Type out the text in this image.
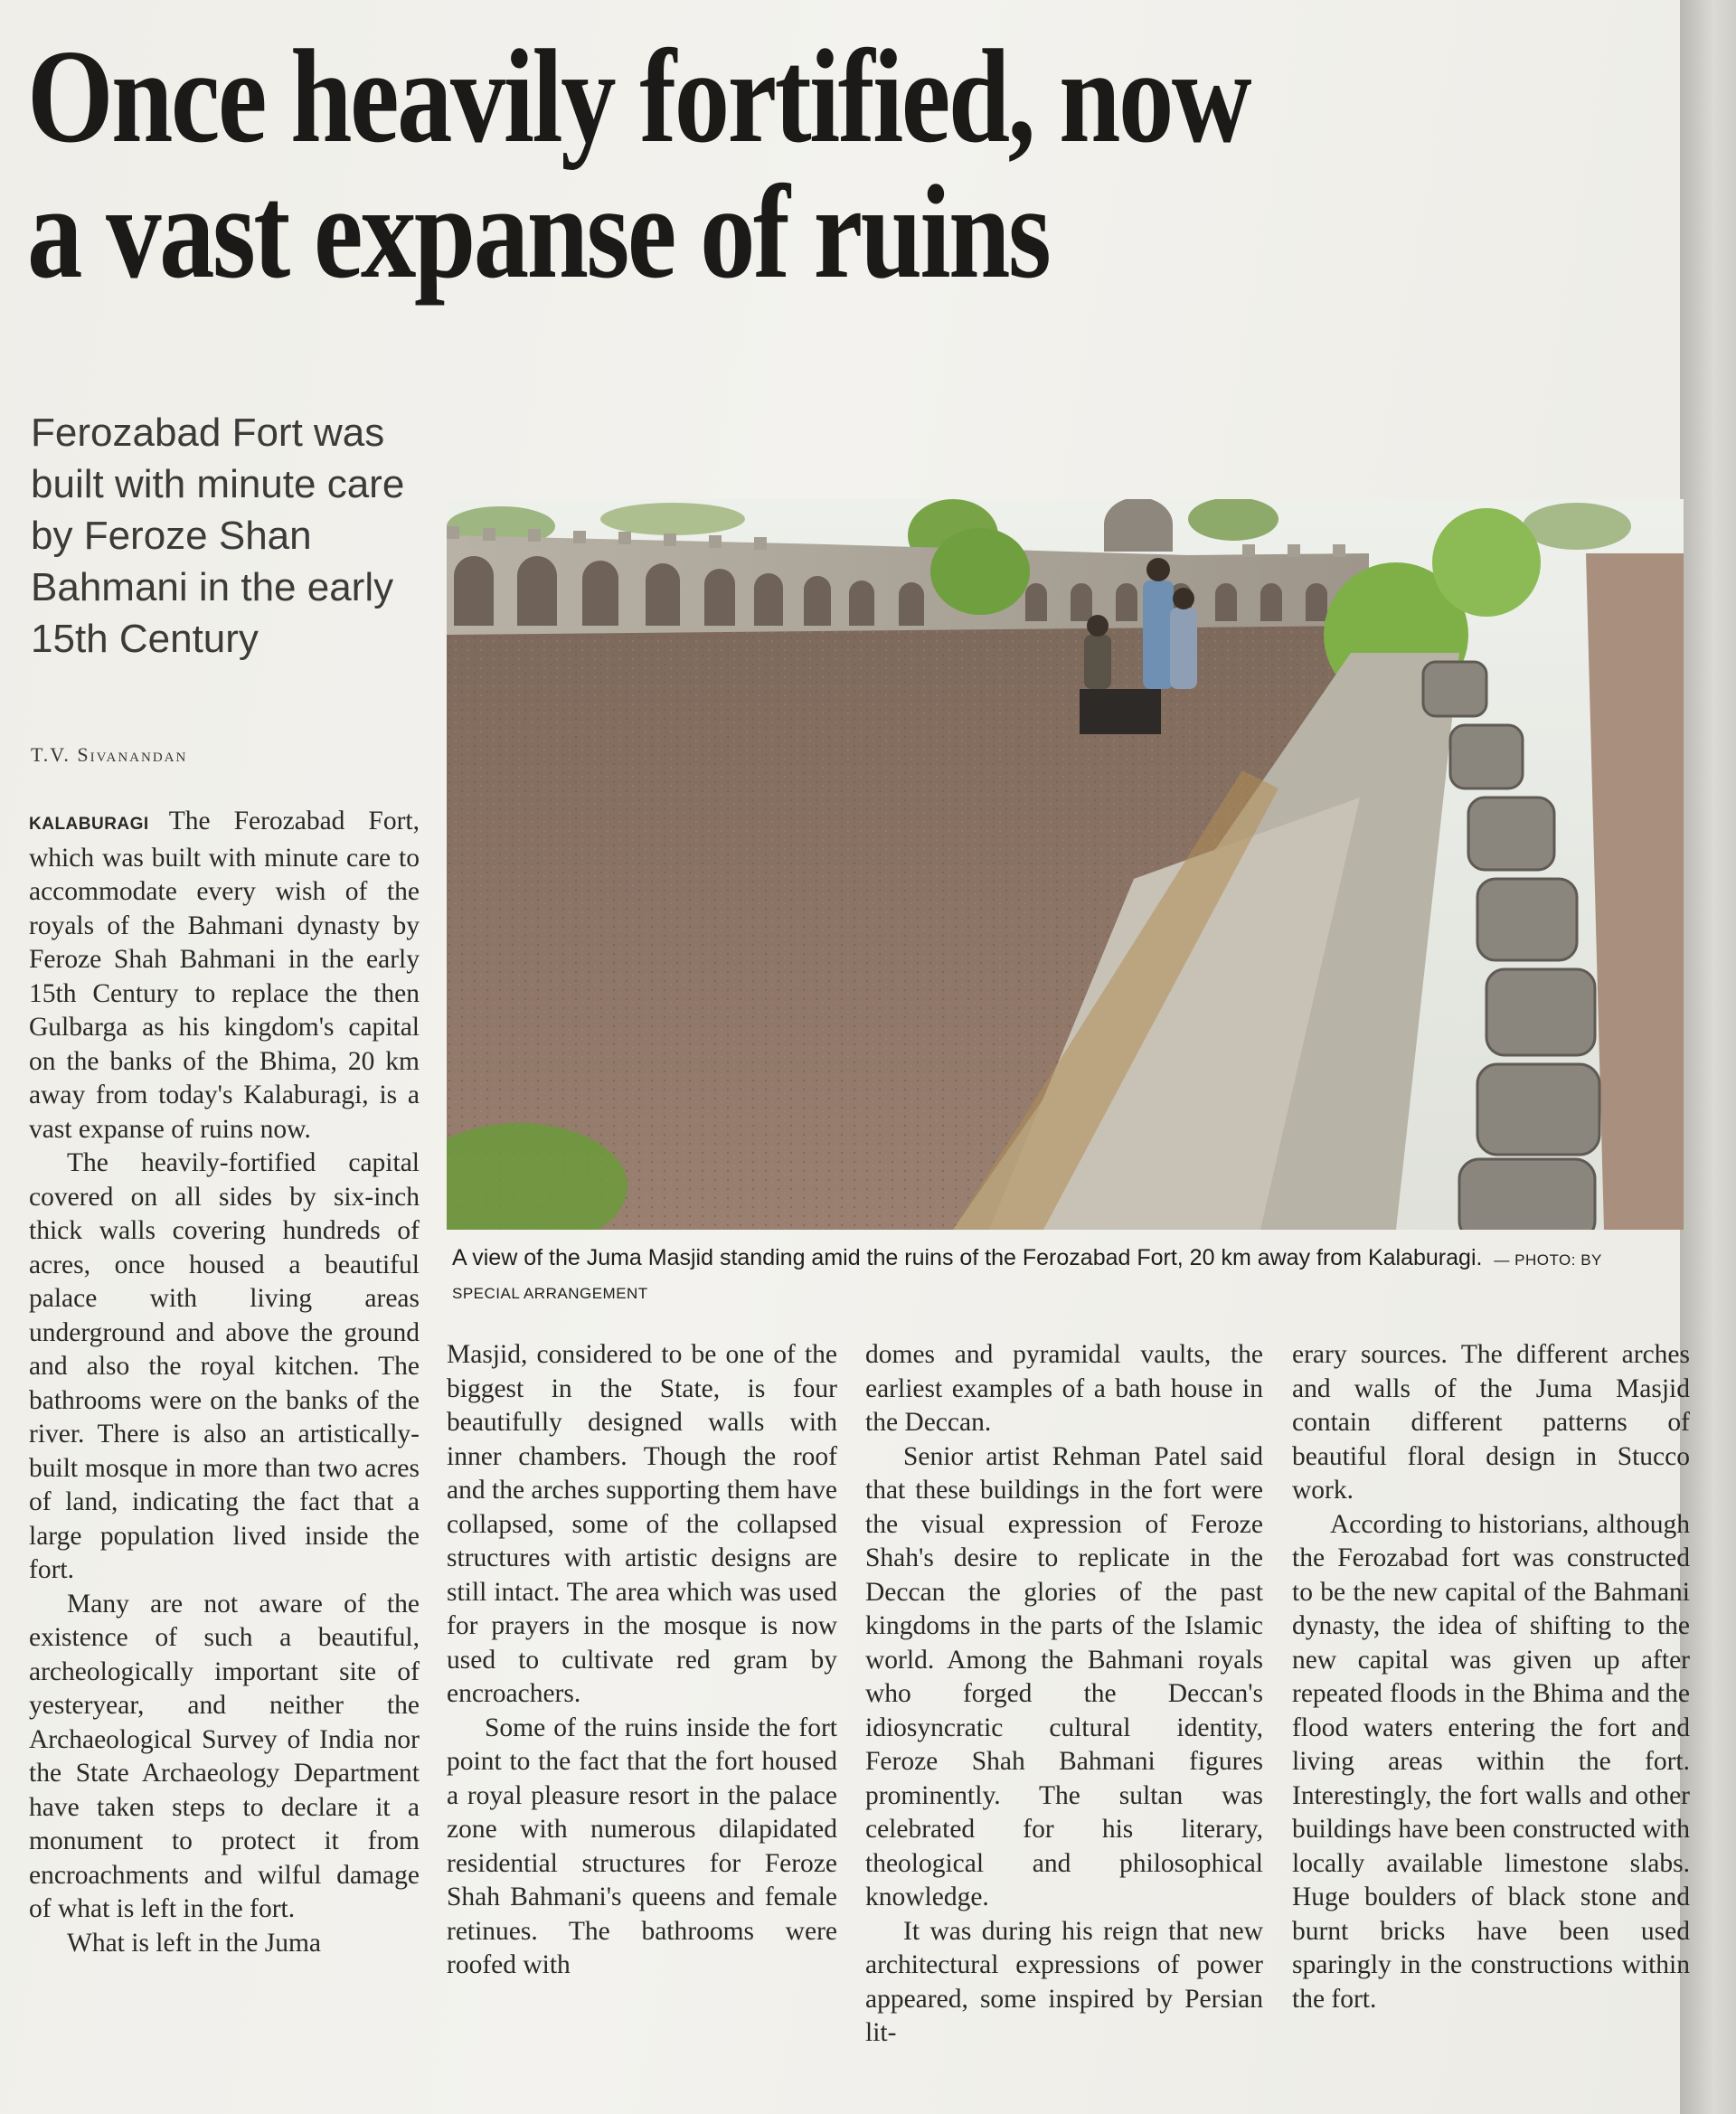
Once heavily fortified, now
a vast expanse of ruins
Ferozabad Fort was built with minute care by Feroze Shan Bahmani in the early 15th Century
T.V. Sivanandan
A view of the Juma Masjid standing amid the ruins of the Ferozabad Fort, 20 km away from Kalaburagi. — PHOTO: BY SPECIAL ARRANGEMENT

KALABURAGI The Ferozabad Fort, which was built with minute care to accommodate every wish of the royals of the Bahmani dynasty by Feroze Shah Bahmani in the early 15th Century to replace the then Gulbarga as his kingdom's capital on the banks of the Bhima, 20 km away from today's Kalaburagi, is a vast expanse of ruins now.

The heavily-fortified capital covered on all sides by six-inch thick walls covering hundreds of acres, once housed a beautiful palace with living areas underground and above the ground and also the royal kitchen. The bathrooms were on the banks of the river. There is also an artistically-built mosque in more than two acres of land, indicating the fact that a large population lived inside the fort.

Many are not aware of the existence of such a beautiful, archeologically important site of yesteryear, and neither the Archaeological Survey of India nor the State Archaeology Department have taken steps to declare it a monument to protect it from encroachments and wilful damage of what is left in the fort.

What is left in the Juma

Masjid, considered to be one of the biggest in the State, is four beautifully designed walls with inner chambers. Though the roof and the arches supporting them have collapsed, some of the collapsed structures with artistic designs are still intact. The area which was used for prayers in the mosque is now used to cultivate red gram by encroachers.

Some of the ruins inside the fort point to the fact that the fort housed a royal pleasure resort in the palace zone with numerous dilapidated residential structures for Feroze Shah Bahmani's queens and female retinues. The bathrooms were roofed with

domes and pyramidal vaults, the earliest examples of a bath house in the Deccan.

Senior artist Rehman Patel said that these buildings in the fort were the visual expression of Feroze Shah's desire to replicate in the Deccan the glories of the past kingdoms in the parts of the Islamic world. Among the Bahmani royals who forged the Deccan's idiosyncratic cultural identity, Feroze Shah Bahmani figures prominently. The sultan was celebrated for his literary, theological and philosophical knowledge.

It was during his reign that new architectural expressions of power appeared, some inspired by Persian lit-

erary sources. The different arches and walls of the Juma Masjid contain different patterns of beautiful floral design in Stucco work.

According to historians, although the Ferozabad fort was constructed to be the new capital of the Bahmani dynasty, the idea of shifting to the new capital was given up after repeated floods in the Bhima and the flood waters entering the fort and living areas within the fort. Interestingly, the fort walls and other buildings have been constructed with locally available limestone slabs. Huge boulders of black stone and burnt bricks have been used sparingly in the constructions within the fort.
